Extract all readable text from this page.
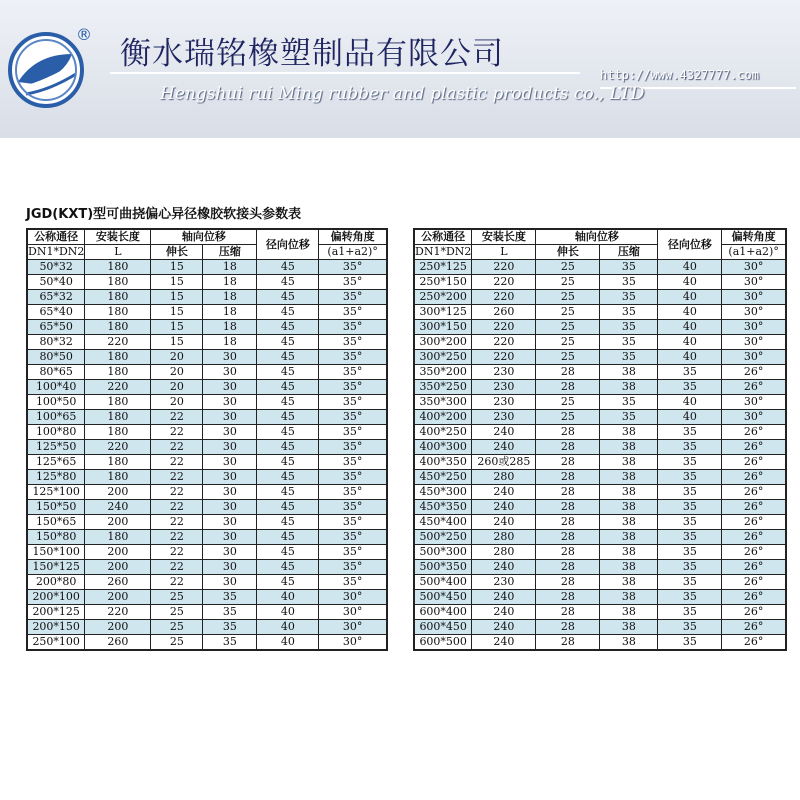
®
衡水瑞铭橡塑制品有限公司
http://www.4327777.com
Hengshui rui Ming rubber and plastic products co., LTD
JGD(KXT)型可曲挠偏心异径橡胶软接头参数表
公称通径	安装长度	轴向位移		径向位移	偏转角度
DN1*DN2	L	伸长	压缩		(a1+a2)°
50*32	180	15	18	45	35°
50*40	180	15	18	45	35°
65*32	180	15	18	45	35°
65*40	180	15	18	45	35°
65*50	180	15	18	45	35°
80*32	220	15	18	45	35°
80*50	180	20	30	45	35°
80*65	180	20	30	45	35°
100*40	220	20	30	45	35°
100*50	180	20	30	45	35°
100*65	180	22	30	45	35°
100*80	180	22	30	45	35°
125*50	220	22	30	45	35°
125*65	180	22	30	45	35°
125*80	180	22	30	45	35°
125*100	200	22	30	45	35°
150*50	240	22	30	45	35°
150*65	200	22	30	45	35°
150*80	180	22	30	45	35°
150*100	200	22	30	45	35°
150*125	200	22	30	45	35°
200*80	260	22	30	45	35°
200*100	200	25	35	40	30°
200*125	220	25	35	40	30°
200*150	200	25	35	40	30°
250*100	260	25	35	40	30°
公称通径	安装长度	轴向位移		径向位移	偏转角度
DN1*DN2	L	伸长	压缩		(a1+a2)°
250*125	220	25	35	40	30°
250*150	220	25	35	40	30°
250*200	220	25	35	40	30°
300*125	260	25	35	40	30°
300*150	220	25	35	40	30°
300*200	220	25	35	40	30°
300*250	220	25	35	40	30°
350*200	230	28	38	35	26°
350*250	230	28	38	35	26°
350*300	230	25	35	40	30°
400*200	230	25	35	40	30°
400*250	240	28	38	35	26°
400*300	240	28	38	35	26°
400*350	260或285	28	38	35	26°
450*250	280	28	38	35	26°
450*300	240	28	38	35	26°
450*350	240	28	38	35	26°
450*400	240	28	38	35	26°
500*250	280	28	38	35	26°
500*300	280	28	38	35	26°
500*350	240	28	38	35	26°
500*400	230	28	38	35	26°
500*450	240	28	38	35	26°
600*400	240	28	38	35	26°
600*450	240	28	38	35	26°
600*500	240	28	38	35	26°
